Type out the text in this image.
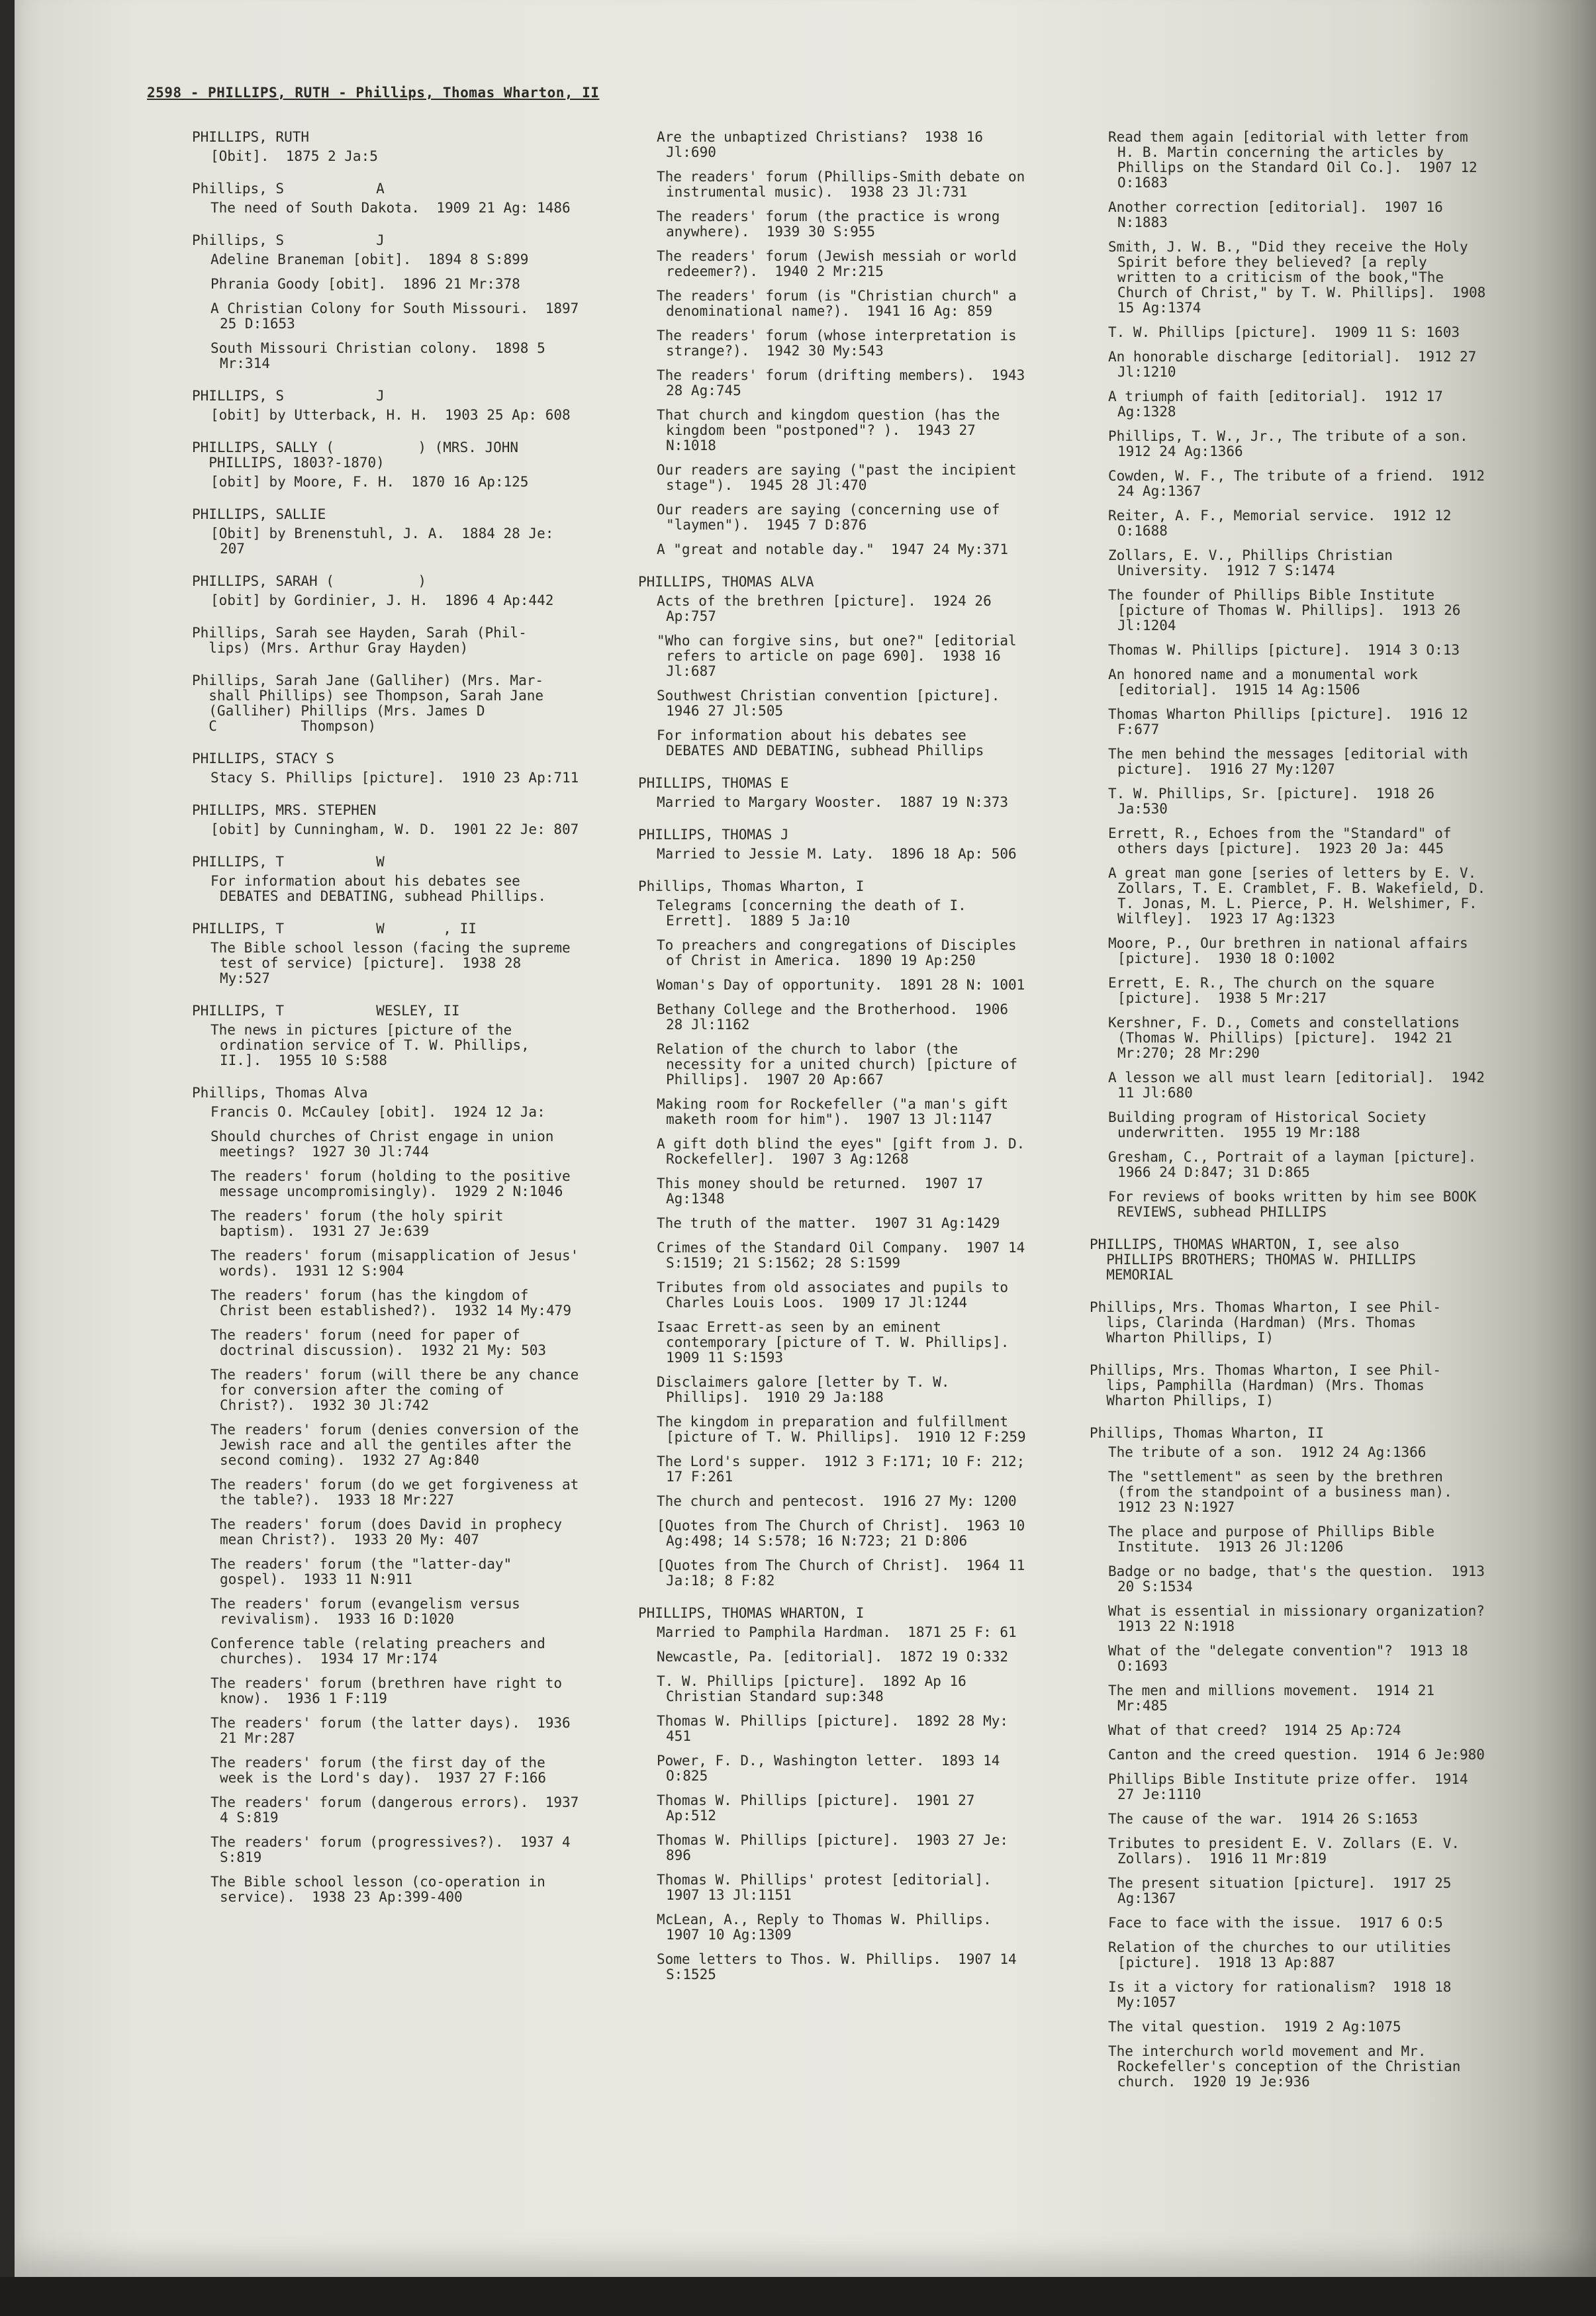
2598 - PHILLIPS, RUTH - Phillips, Thomas Wharton, II
PHILLIPS, RUTH
[Obit].  1875 2 Ja:5
Phillips, S           A
The need of South Dakota.  1909 21 Ag: 1486
Phillips, S           J
Adeline Braneman [obit].  1894 8 S:899
Phrania Goody [obit].  1896 21 Mr:378
A Christian Colony for South Missouri.  1897 25 D:1653
South Missouri Christian colony.  1898 5 Mr:314
PHILLIPS, S           J
[obit] by Utterback, H. H.  1903 25 Ap: 608
PHILLIPS, SALLY (          ) (MRS. JOHN
PHILLIPS, 1803?-1870)
[obit] by Moore, F. H.  1870 16 Ap:125
PHILLIPS, SALLIE
[Obit] by Brenenstuhl, J. A.  1884 28 Je: 207
PHILLIPS, SARAH (          )
[obit] by Gordinier, J. H.  1896 4 Ap:442
Phillips, Sarah see Hayden, Sarah (Phil-
lips) (Mrs. Arthur Gray Hayden)
Phillips, Sarah Jane (Galliher) (Mrs. Mar-
shall Phillips) see Thompson, Sarah Jane
(Galliher) Phillips (Mrs. James D
C          Thompson)
PHILLIPS, STACY S
Stacy S. Phillips [picture].  1910 23 Ap:711
PHILLIPS, MRS. STEPHEN
[obit] by Cunningham, W. D.  1901 22 Je: 807
PHILLIPS, T           W
For information about his debates see DEBATES and DEBATING, subhead Phillips.
PHILLIPS, T           W       , II
The Bible school lesson (facing the supreme test of service) [picture].  1938 28 My:527
PHILLIPS, T           WESLEY, II
The news in pictures [picture of the ordination service of T. W. Phillips, II.].  1955 10 S:588
Phillips, Thomas Alva
Francis O. McCauley [obit].  1924 12 Ja:
Should churches of Christ engage in union meetings?  1927 30 Jl:744
The readers' forum (holding to the positive message uncompromisingly).  1929 2 N:1046
The readers' forum (the holy spirit baptism).  1931 27 Je:639
The readers' forum (misapplication of Jesus' words).  1931 12 S:904
The readers' forum (has the kingdom of Christ been established?).  1932 14 My:479
The readers' forum (need for paper of doctrinal discussion).  1932 21 My: 503
The readers' forum (will there be any chance for conversion after the coming of Christ?).  1932 30 Jl:742
The readers' forum (denies conversion of the Jewish race and all the gentiles after the second coming).  1932 27 Ag:840
The readers' forum (do we get forgiveness at the table?).  1933 18 Mr:227
The readers' forum (does David in prophecy mean Christ?).  1933 20 My: 407
The readers' forum (the "latter-day" gospel).  1933 11 N:911
The readers' forum (evangelism versus revivalism).  1933 16 D:1020
Conference table (relating preachers and churches).  1934 17 Mr:174
The readers' forum (brethren have right to know).  1936 1 F:119
The readers' forum (the latter days).  1936 21 Mr:287
The readers' forum (the first day of the week is the Lord's day).  1937 27 F:166
The readers' forum (dangerous errors).  1937 4 S:819
The readers' forum (progressives?).  1937 4 S:819
The Bible school lesson (co-operation in service).  1938 23 Ap:399-400
Are the unbaptized Christians?  1938 16 Jl:690
The readers' forum (Phillips-Smith debate on instrumental music).  1938 23 Jl:731
The readers' forum (the practice is wrong anywhere).  1939 30 S:955
The readers' forum (Jewish messiah or world redeemer?).  1940 2 Mr:215
The readers' forum (is "Christian church" a denominational name?).  1941 16 Ag: 859
The readers' forum (whose interpretation is strange?).  1942 30 My:543
The readers' forum (drifting members).  1943 28 Ag:745
That church and kingdom question (has the kingdom been "postponed"? ).  1943 27 N:1018
Our readers are saying ("past the incipient stage").  1945 28 Jl:470
Our readers are saying (concerning use of "laymen").  1945 7 D:876
A "great and notable day."  1947 24 My:371
PHILLIPS, THOMAS ALVA
Acts of the brethren [picture].  1924 26 Ap:757
"Who can forgive sins, but one?" [editorial refers to article on page 690].  1938 16 Jl:687
Southwest Christian convention [picture].  1946 27 Jl:505
For information about his debates see DEBATES AND DEBATING, subhead Phillips
PHILLIPS, THOMAS E
Married to Margary Wooster.  1887 19 N:373
PHILLIPS, THOMAS J
Married to Jessie M. Laty.  1896 18 Ap: 506
Phillips, Thomas Wharton, I
Telegrams [concerning the death of I. Errett].  1889 5 Ja:10
To preachers and congregations of Disciples of Christ in America.  1890 19 Ap:250
Woman's Day of opportunity.  1891 28 N: 1001
Bethany College and the Brotherhood.  1906 28 Jl:1162
Relation of the church to labor (the necessity for a united church) [picture of Phillips].  1907 20 Ap:667
Making room for Rockefeller ("a man's gift maketh room for him").  1907 13 Jl:1147
A gift doth blind the eyes" [gift from J. D. Rockefeller].  1907 3 Ag:1268
This money should be returned.  1907 17 Ag:1348
The truth of the matter.  1907 31 Ag:1429
Crimes of the Standard Oil Company.  1907 14 S:1519; 21 S:1562; 28 S:1599
Tributes from old associates and pupils to Charles Louis Loos.  1909 17 Jl:1244
Isaac Errett-as seen by an eminent contemporary [picture of T. W. Phillips].  1909 11 S:1593
Disclaimers galore [letter by T. W. Phillips].  1910 29 Ja:188
The kingdom in preparation and fulfillment [picture of T. W. Phillips].  1910 12 F:259
The Lord's supper.  1912 3 F:171; 10 F: 212; 17 F:261
The church and pentecost.  1916 27 My: 1200
[Quotes from The Church of Christ].  1963 10 Ag:498; 14 S:578; 16 N:723; 21 D:806
[Quotes from The Church of Christ].  1964 11 Ja:18; 8 F:82
PHILLIPS, THOMAS WHARTON, I
Married to Pamphila Hardman.  1871 25 F: 61
Newcastle, Pa. [editorial].  1872 19 O:332
T. W. Phillips [picture].  1892 Ap 16 Christian Standard sup:348
Thomas W. Phillips [picture].  1892 28 My: 451
Power, F. D., Washington letter.  1893 14 O:825
Thomas W. Phillips [picture].  1901 27 Ap:512
Thomas W. Phillips [picture].  1903 27 Je: 896
Thomas W. Phillips' protest [editorial].  1907 13 Jl:1151
McLean, A., Reply to Thomas W. Phillips.  1907 10 Ag:1309
Some letters to Thos. W. Phillips.  1907 14 S:1525
Read them again [editorial with letter from H. B. Martin concerning the articles by Phillips on the Standard Oil Co.].  1907 12 O:1683
Another correction [editorial].  1907 16 N:1883
Smith, J. W. B., "Did they receive the Holy Spirit before they believed? [a reply written to a criticism of the book,"The Church of Christ," by T. W. Phillips].  1908 15 Ag:1374
T. W. Phillips [picture].  1909 11 S: 1603
An honorable discharge [editorial].  1912 27 Jl:1210
A triumph of faith [editorial].  1912 17 Ag:1328
Phillips, T. W., Jr., The tribute of a son.  1912 24 Ag:1366
Cowden, W. F., The tribute of a friend.  1912 24 Ag:1367
Reiter, A. F., Memorial service.  1912 12 O:1688
Zollars, E. V., Phillips Christian University.  1912 7 S:1474
The founder of Phillips Bible Institute [picture of Thomas W. Phillips].  1913 26 Jl:1204
Thomas W. Phillips [picture].  1914 3 O:13
An honored name and a monumental work [editorial].  1915 14 Ag:1506
Thomas Wharton Phillips [picture].  1916 12 F:677
The men behind the messages [editorial with picture].  1916 27 My:1207
T. W. Phillips, Sr. [picture].  1918 26 Ja:530
Errett, R., Echoes from the "Standard" of others days [picture].  1923 20 Ja: 445
A great man gone [series of letters by E. V. Zollars, T. E. Cramblet, F. B. Wakefield, D. T. Jonas, M. L. Pierce, P. H. Welshimer, F. Wilfley].  1923 17 Ag:1323
Moore, P., Our brethren in national affairs [picture].  1930 18 O:1002
Errett, E. R., The church on the square [picture].  1938 5 Mr:217
Kershner, F. D., Comets and constellations (Thomas W. Phillips) [picture].  1942 21 Mr:270; 28 Mr:290
A lesson we all must learn [editorial].  1942 11 Jl:680
Building program of Historical Society underwritten.  1955 19 Mr:188
Gresham, C., Portrait of a layman [picture].  1966 24 D:847; 31 D:865
For reviews of books written by him see BOOK REVIEWS, subhead PHILLIPS
PHILLIPS, THOMAS WHARTON, I, see also
PHILLIPS BROTHERS; THOMAS W. PHILLIPS
MEMORIAL
Phillips, Mrs. Thomas Wharton, I see Phil-
lips, Clarinda (Hardman) (Mrs. Thomas
Wharton Phillips, I)
Phillips, Mrs. Thomas Wharton, I see Phil-
lips, Pamphilla (Hardman) (Mrs. Thomas
Wharton Phillips, I)
Phillips, Thomas Wharton, II
The tribute of a son.  1912 24 Ag:1366
The "settlement" as seen by the brethren (from the standpoint of a business man).  1912 23 N:1927
The place and purpose of Phillips Bible Institute.  1913 26 Jl:1206
Badge or no badge, that's the question.  1913 20 S:1534
What is essential in missionary organization?  1913 22 N:1918
What of the "delegate convention"?  1913 18 O:1693
The men and millions movement.  1914 21 Mr:485
What of that creed?  1914 25 Ap:724
Canton and the creed question.  1914 6 Je:980
Phillips Bible Institute prize offer.  1914 27 Je:1110
The cause of the war.  1914 26 S:1653
Tributes to president E. V. Zollars (E. V. Zollars).  1916 11 Mr:819
The present situation [picture].  1917 25 Ag:1367
Face to face with the issue.  1917 6 O:5
Relation of the churches to our utilities [picture].  1918 13 Ap:887
Is it a victory for rationalism?  1918 18 My:1057
The vital question.  1919 2 Ag:1075
The interchurch world movement and Mr. Rockefeller's conception of the Christian church.  1920 19 Je:936
